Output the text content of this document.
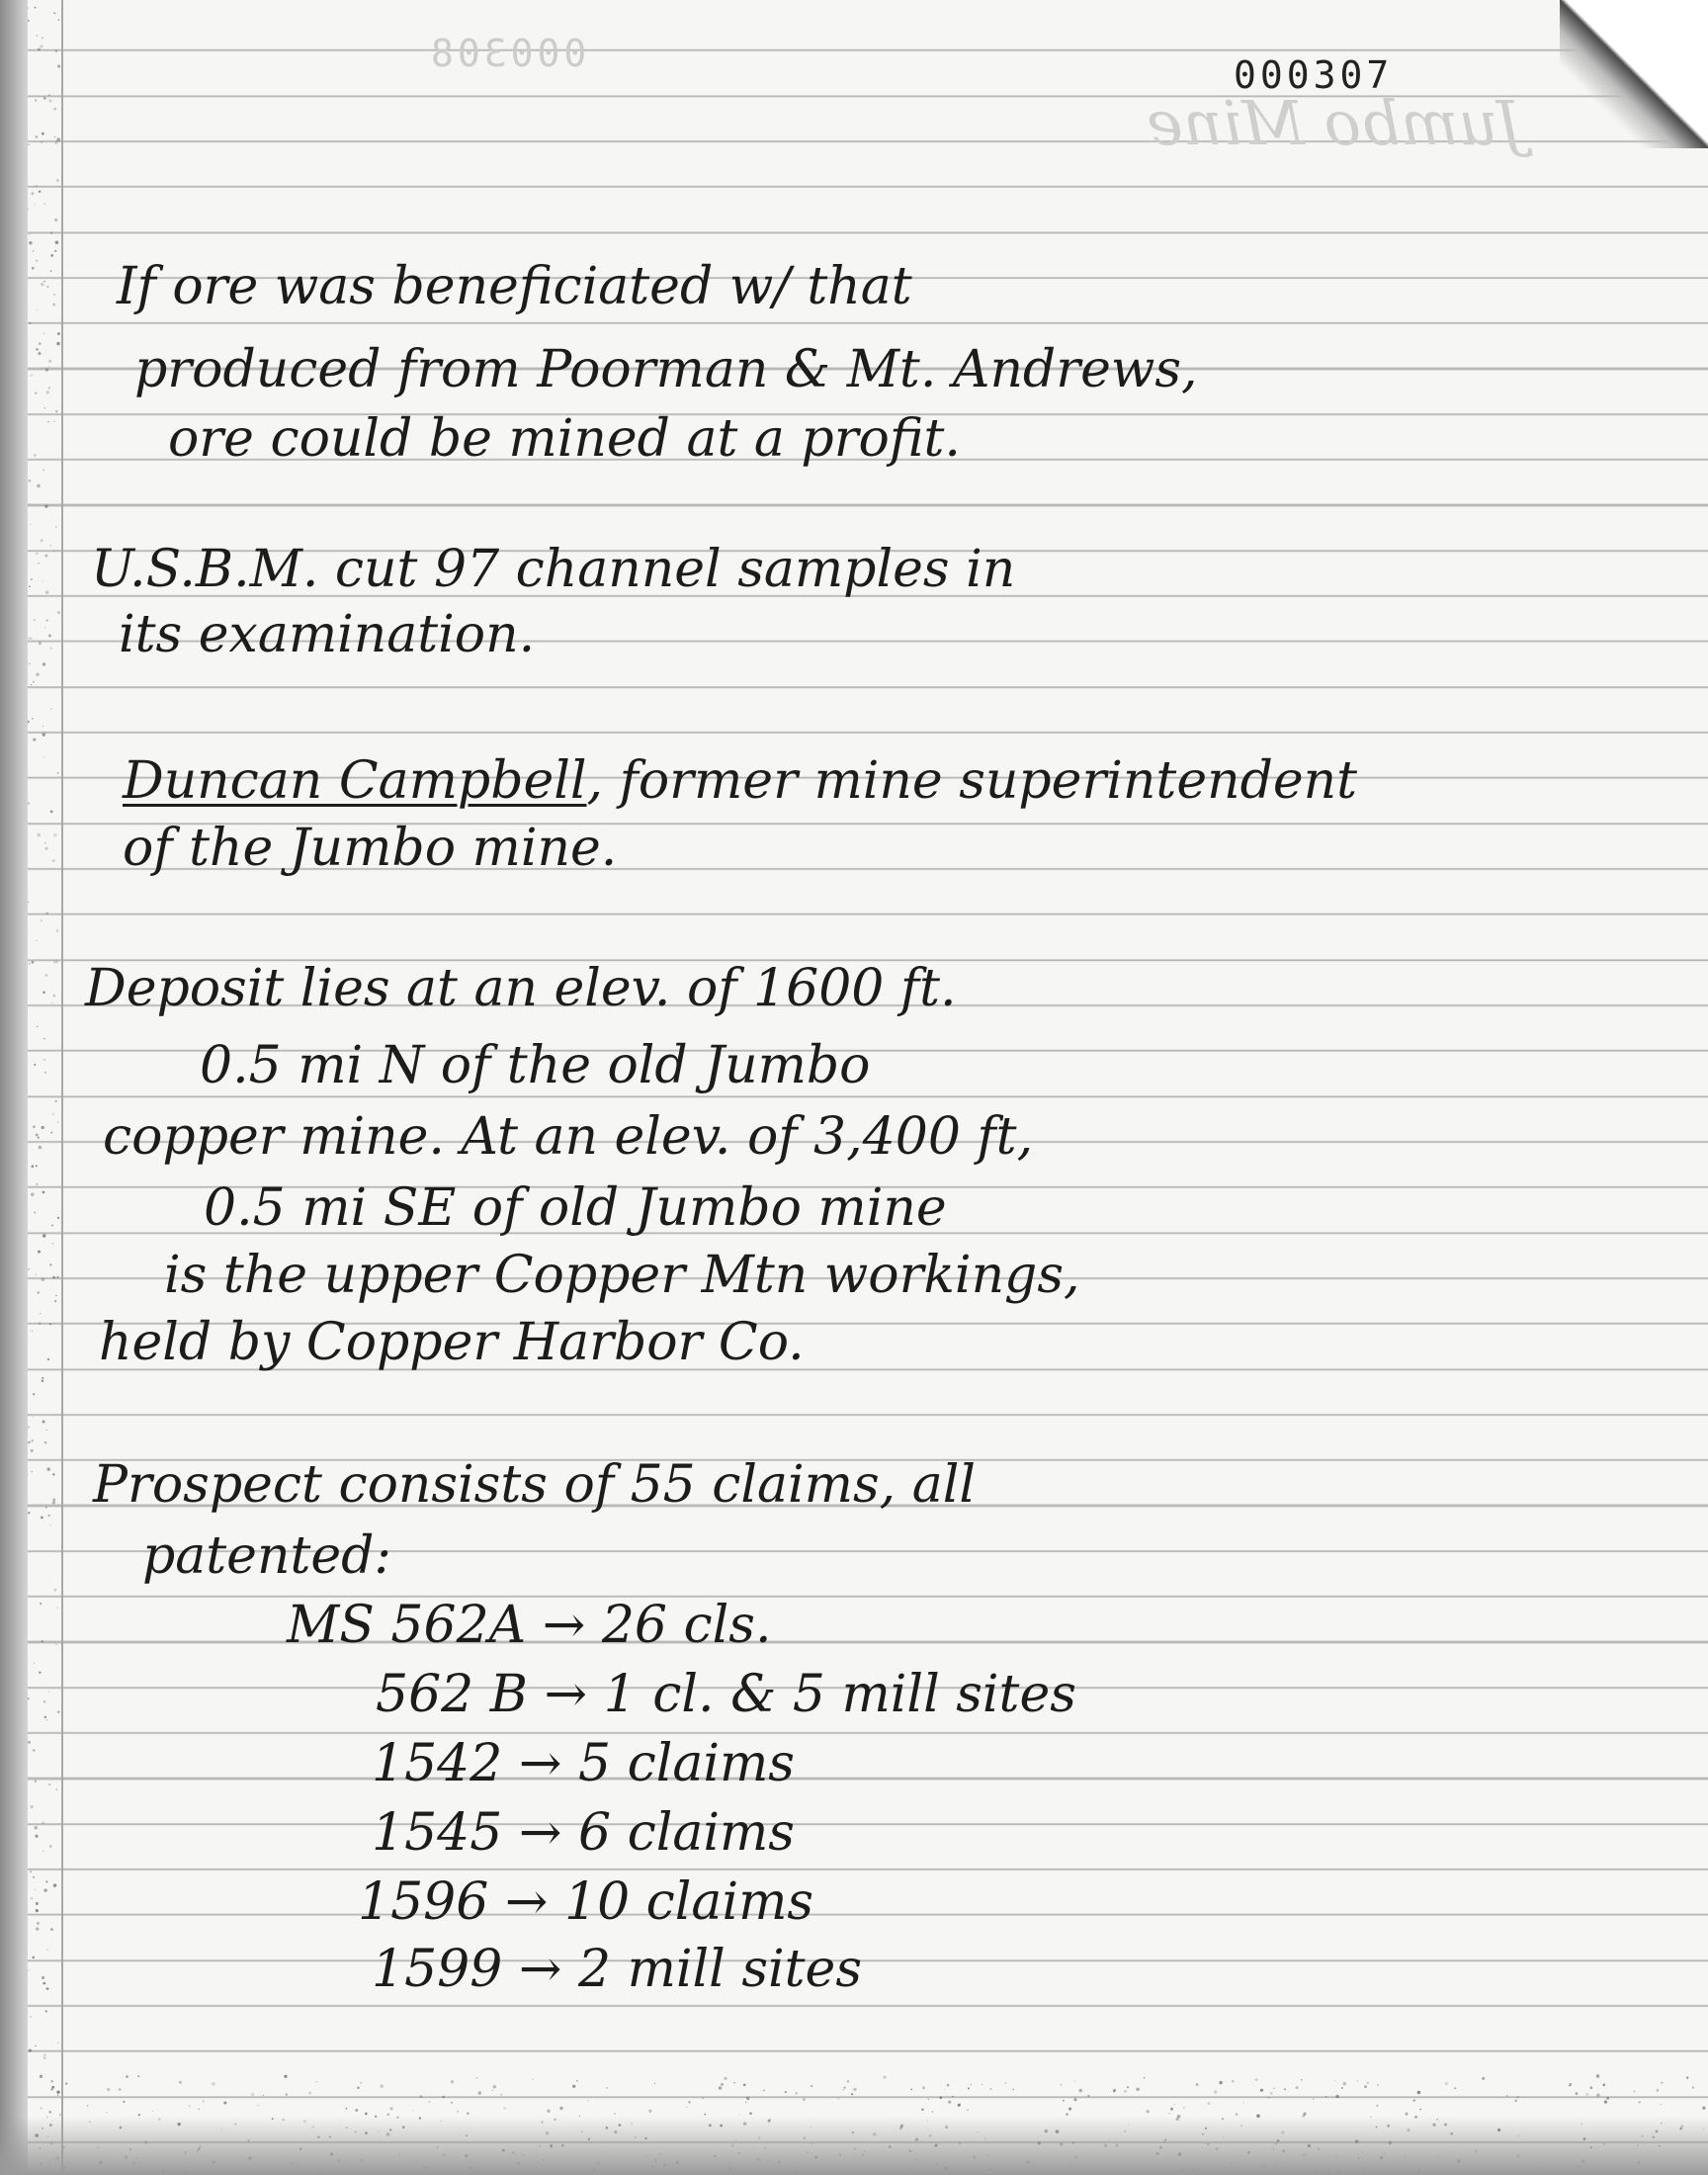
000308
Jumbo Mine
000307

If ore was beneficiated w/ that

produced from Poorman & Mt. Andrews,

ore could be mined at a profit.

U.S.B.M. cut 97 channel samples in

its examination.

Duncan Campbell, former mine superintendent

of the Jumbo mine.

Deposit lies at an elev. of 1600 ft.

0.5 mi N of the old Jumbo

copper mine. At an elev. of 3,400 ft,

0.5 mi SE of old Jumbo mine

is the upper Copper Mtn workings,

held by Copper Harbor Co.

Prospect consists of 55 claims, all

patented:

MS 562A → 26 cls.

562 B → 1 cl. & 5 mill sites

1542 → 5 claims

1545 → 6 claims

1596 → 10 claims

1599 → 2 mill sites
